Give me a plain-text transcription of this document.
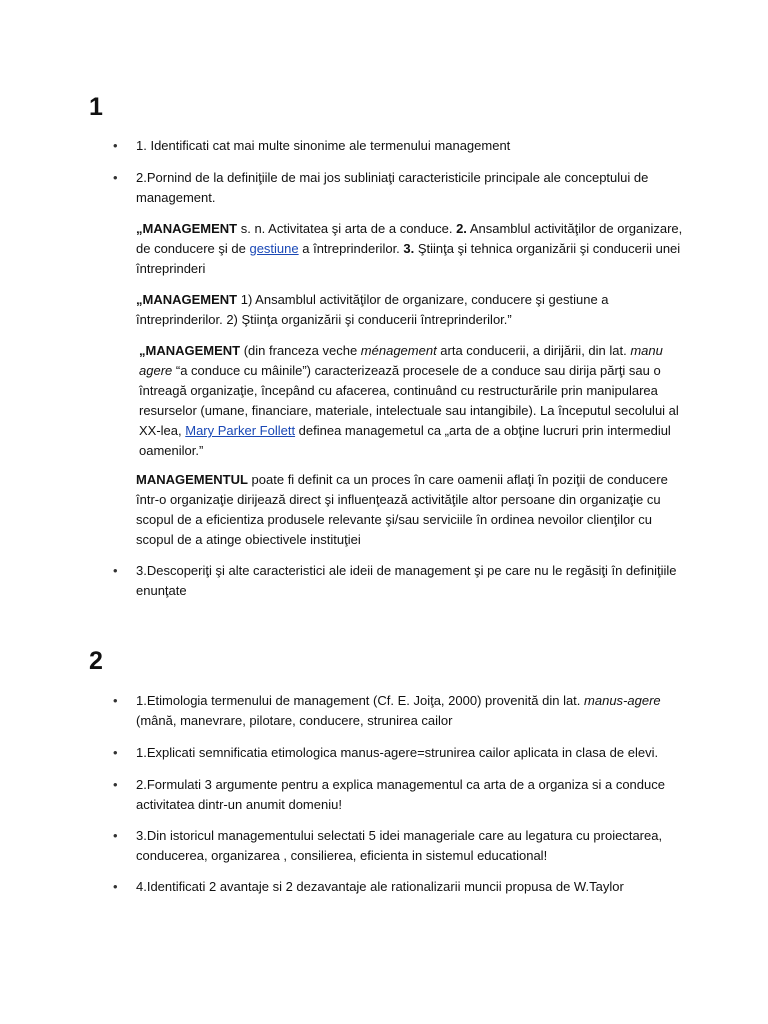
1
• 1. Identificati cat mai multe sinonime ale termenului management
• 2.Pornind de la definiţiile de mai jos subliniaţi caracteristicile principale ale conceptului de management.
„MANAGEMENT s. n. Activitatea şi arta de a conduce. 2. Ansamblul activităţilor de organizare, de conducere şi de gestiune a întreprinderilor. 3. Ştiinţa şi tehnica organizării şi conducerii unei întreprinderi
„MANAGEMENT 1) Ansamblul activităţilor de organizare, conducere şi gestiune a întreprinderilor. 2) Ştiinţa organizării şi conducerii întreprinderilor.”
„MANAGEMENT (din franceza veche ménagement arta conducerii, a dirijării, din lat. manu agere “a conduce cu mâinile”) caracterizează procesele de a conduce sau dirija părţi sau o întreagă organizaţie, începând cu afacerea, continuând cu restructurările prin manipularea resurselor (umane, financiare, materiale, intelectuale sau intangibile). La începutul secolului al XX-lea, Mary Parker Follett definea managemetul ca „arta de a obţine lucruri prin intermediul oamenilor.”
MANAGEMENTUL poate fi definit ca un proces în care oamenii aflaţi în poziţii de conducere într-o organizaţie dirijează direct şi influenţează activităţile altor persoane din organizaţie cu scopul de a eficientiza produsele relevante şi/sau serviciile în ordinea nevoilor clienţilor cu scopul de a atinge obiectivele instituţiei
• 3.Descoperiţi şi alte caracteristici ale ideii de management şi pe care nu le regăsiţi în definiţiile enunţate
2
• 1.Etimologia termenului de management (Cf. E. Joiţa, 2000) provenită din lat. manus-agere (mână, manevrare, pilotare, conducere, strunirea cailor
• 1.Explicati semnificatia etimologica manus-agere=strunirea cailor aplicata in clasa de elevi.
• 2.Formulati 3 argumente pentru a explica managementul ca arta de a organiza si a conduce activitatea dintr-un anumit domeniu!
• 3.Din istoricul managementului selectati 5 idei manageriale care au legatura cu proiectarea, conducerea, organizarea , consilierea, eficienta in sistemul educational!
• 4.Identificati 2 avantaje si 2 dezavantaje ale rationalizarii muncii propusa de W.Taylor
